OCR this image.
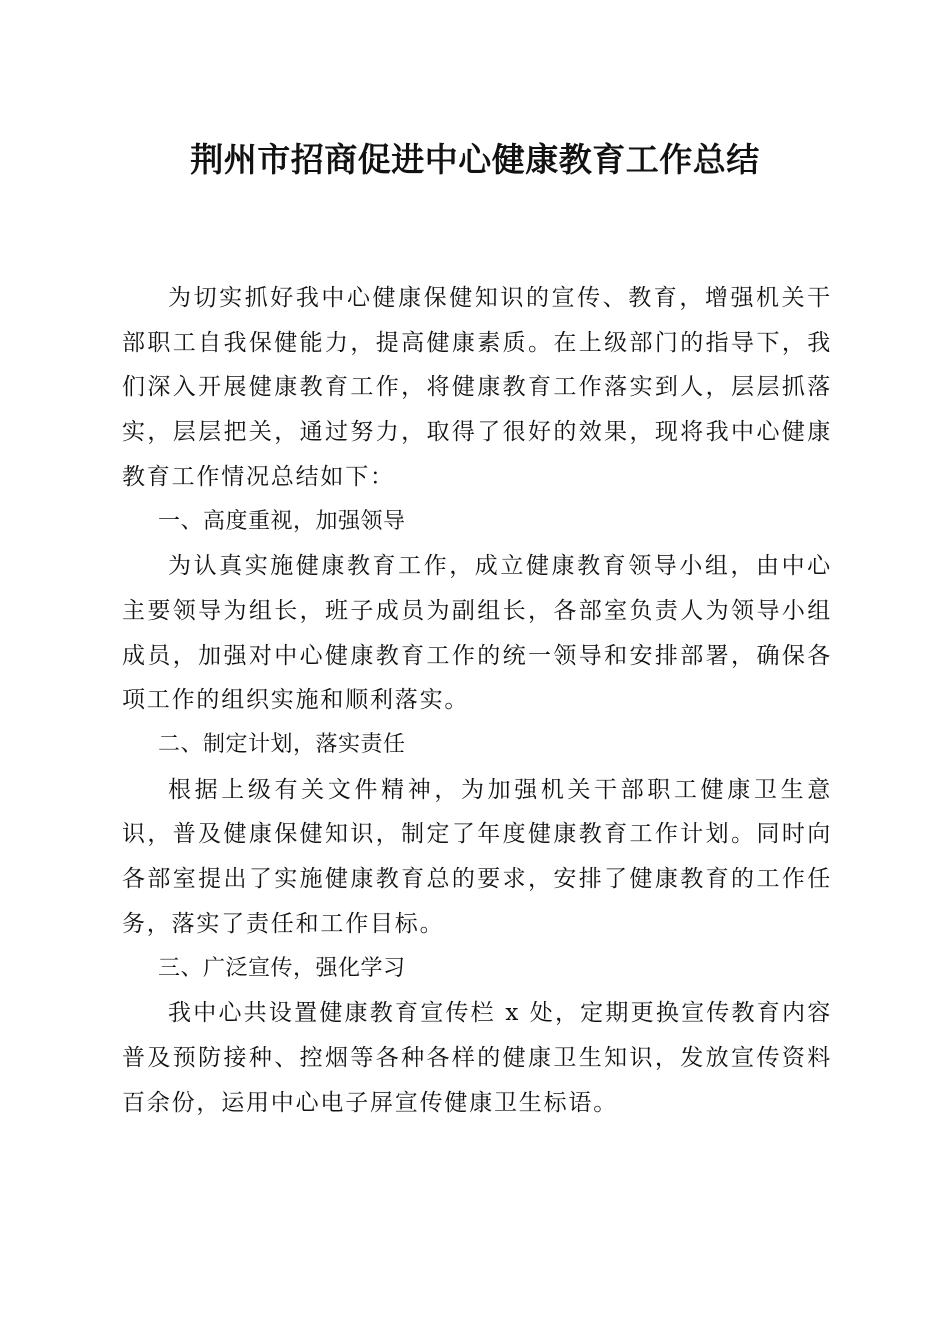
荆州市招商促进中心健康教育工作总结

为切实抓好我中心健康保健知识的宣传、教育，增强机关干部职工自我保健能力，提高健康素质。在上级部门的指导下，我们深入开展健康教育工作，将健康教育工作落实到人，层层抓落实，层层把关，通过努力，取得了很好的效果，现将我中心健康教育工作情况总结如下：

一、高度重视，加强领导

为认真实施健康教育工作，成立健康教育领导小组，由中心主要领导为组长，班子成员为副组长，各部室负责人为领导小组成员，加强对中心健康教育工作的统一领导和安排部署，确保各项工作的组织实施和顺利落实。

二、制定计划，落实责任

根据上级有关文件精神，为加强机关干部职工健康卫生意识，普及健康保健知识，制定了年度健康教育工作计划。同时向各部室提出了实施健康教育总的要求，安排了健康教育的工作任务，落实了责任和工作目标。

三、广泛宣传，强化学习

我中心共设置健康教育宣传栏 x 处，定期更换宣传教育内容普及预防接种、控烟等各种各样的健康卫生知识，发放宣传资料百余份，运用中心电子屏宣传健康卫生标语。
